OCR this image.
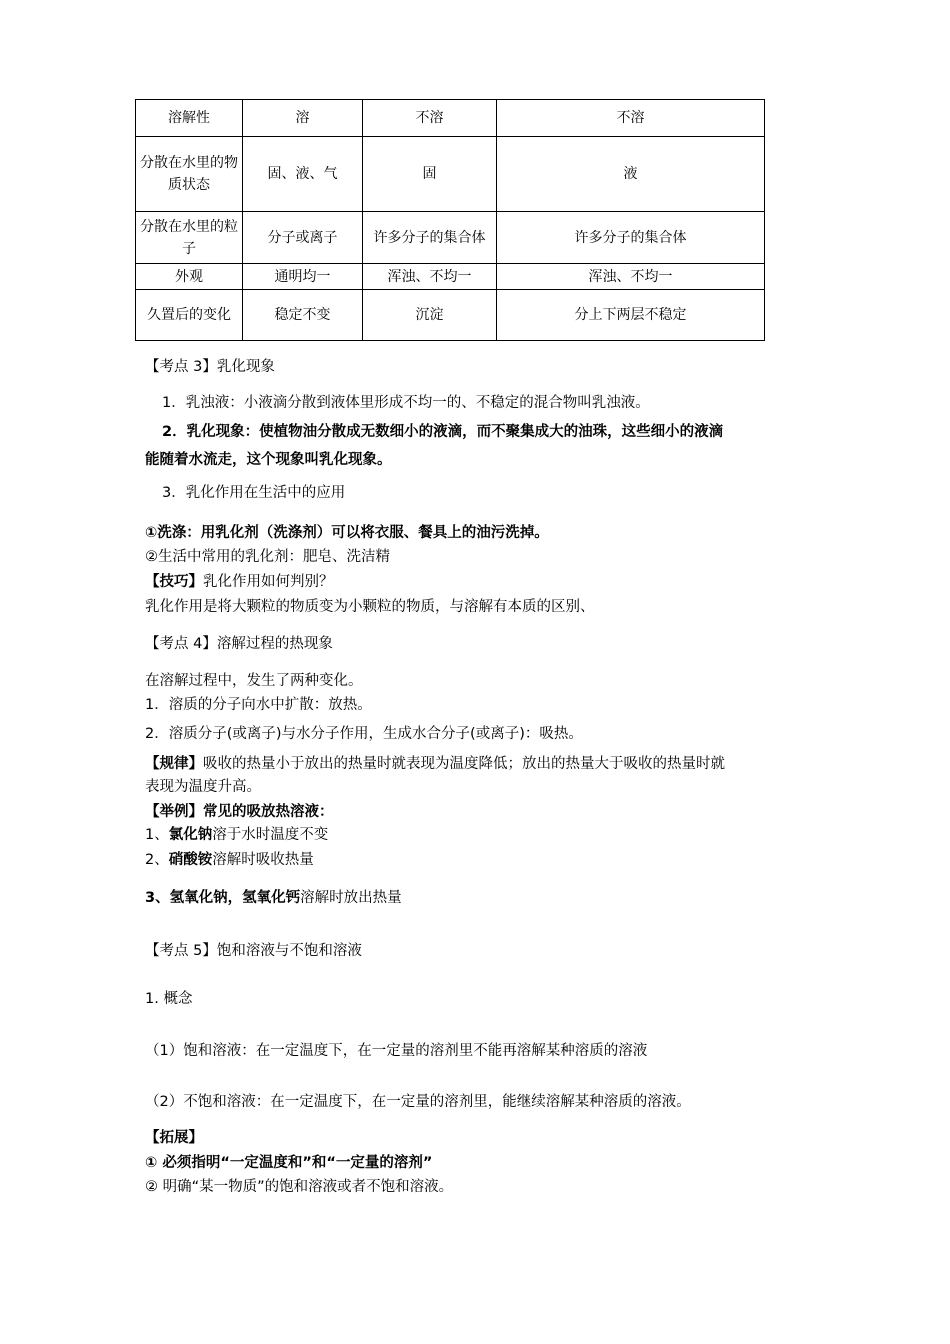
溶解性	溶	不溶	不溶
分散在水里的物质状态	固、液、气	固	液
分散在水里的粒子	分子或离子	许多分子的集合体	许多分子的集合体
外观	通明均一	浑浊、不均一	浑浊、不均一
久置后的变化	稳定不变	沉淀	分上下两层不稳定
【考点 3】乳化现象
1．乳浊液：小液滴分散到液体里形成不均一的、不稳定的混合物叫乳浊液。
2．乳化现象：使植物油分散成无数细小的液滴，而不聚集成大的油珠，这些细小的液滴
能随着水流走，这个现象叫乳化现象。
3．乳化作用在生活中的应用
①洗涤：用乳化剂（洗涤剂）可以将衣服、餐具上的油污洗掉。
②生活中常用的乳化剂：肥皂、洗洁精
【技巧】乳化作用如何判别？
乳化作用是将大颗粒的物质变为小颗粒的物质，与溶解有本质的区别、
【考点 4】溶解过程的热现象
在溶解过程中，发生了两种变化。
1．溶质的分子向水中扩散：放热。
2．溶质分子(或离子)与水分子作用，生成水合分子(或离子)：吸热。
【规律】吸收的热量小于放出的热量时就表现为温度降低；放出的热量大于吸收的热量时就
表现为温度升高。
【举例】常见的吸放热溶液：
1、氯化钠溶于水时温度不变
2、硝酸铵溶解时吸收热量
3、氢氧化钠，氢氧化钙溶解时放出热量
【考点 5】饱和溶液与不饱和溶液
1. 概念
（1）饱和溶液：在一定温度下，在一定量的溶剂里不能再溶解某种溶质的溶液
（2）不饱和溶液：在一定温度下，在一定量的溶剂里，能继续溶解某种溶质的溶液。
【拓展】
① 必须指明“一定温度和”和“一定量的溶剂”
② 明确“某一物质”的饱和溶液或者不饱和溶液。
